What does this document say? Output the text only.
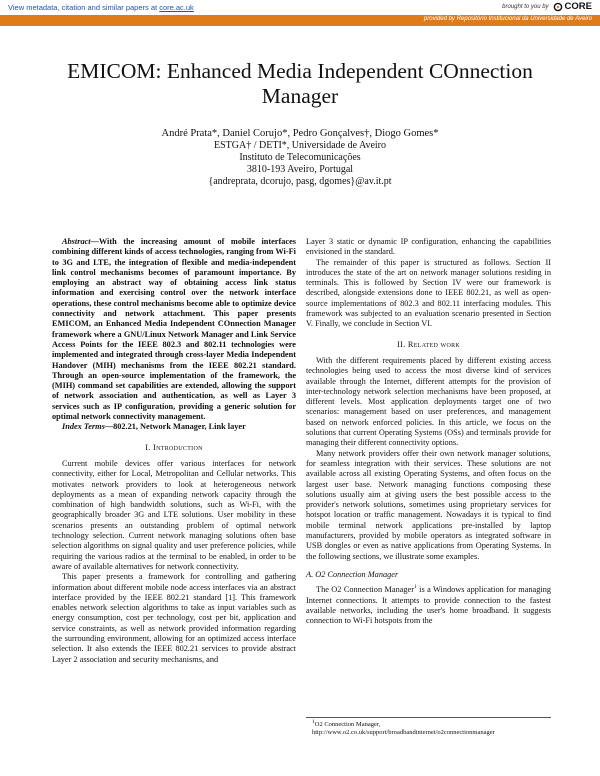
View metadata, citation and similar papers at core.ac.uk	brought to you by CORE
provided by Repositório Institucional da Universidade de Aveiro
EMICOM: Enhanced Media Independent COnnection Manager
André Prata*, Daniel Corujo*, Pedro Gonçalves†, Diogo Gomes*
ESTGA† / DETI*, Universidade de Aveiro
Instituto de Telecomunicações
3810-193 Aveiro, Portugal
{andreprata, dcorujo, pasg, dgomes}@av.it.pt

Abstract—With the increasing amount of mobile interfaces combining different kinds of access technologies, ranging from Wi-Fi to 3G and LTE, the integration of flexible and media-independent link control mechanisms becomes of paramount importance. By employing an abstract way of obtaining access link status information and exercising control over the network interface operations, these control mechanisms become able to optimize device connectivity and network attachment. This paper presents EMICOM, an Enhanced Media Independent COnnection Manager framework where a GNU/Linux Network Manager and Link Service Access Points for the IEEE 802.3 and 802.11 technologies were implemented and integrated through cross-layer Media Independent Handover (MIH) mechanisms from the IEEE 802.21 standard. Through an open-source implementation of the framework, the (MIH) command set capabilities are extended, allowing the support of network association and authentication, as well as Layer 3 services such as IP configuration, providing a generic solution for optimal network connectivity management.

Index Terms—802.21, Network Manager, Link layer

I. Introduction

Current mobile devices offer various interfaces for network connectivity, either for Local, Metropolitan and Cellular networks. This motivates network providers to look at heterogeneous network deployments as a mean of expanding network capacity through the combination of high bandwidth solutions, such as Wi-Fi, with the geographically broader 3G and LTE solutions. User mobility in these scenarios presents an outstanding problem of optimal network technology selection. Current network managing solutions often base selection algorithms on signal quality and user preference policies, while requiring the various radios at the terminal to be enabled, in order to be aware of available alternatives for network connectivity.

This paper presents a framework for controlling and gathering information about different mobile node access interfaces via an abstract interface provided by the IEEE 802.21 standard [1]. This framework enables network selection algorithms to take as input variables such as energy consumption, cost per technology, cost per bit, application and service constraints, as well as network provided information regarding the surrounding environment, allowing for an optimized access interface selection. It also extends the IEEE 802.21 services to provide abstract Layer 2 association and security mechanisms, and

Layer 3 static or dynamic IP configuration, enhancing the capabilities envisioned in the standard.

The remainder of this paper is structured as follows. Section II introduces the state of the art on network manager solutions residing in terminals. This is followed by Section IV were our framework is described, alongside extensions done to IEEE 802.21, as well as open-source implementations of 802.3 and 802.11 interfacing modules. This framework was subjected to an evaluation scenario presented in Section V. Finally, we conclude in Section VI.

II. Related work

With the different requirements placed by different existing access technologies being used to access the most diverse kind of services available through the Internet, different attempts for the provision of inter-technology network selection mechanisms have been proposed, at different levels. Most application deployments target one of two scenarios: management based on user preferences, and management based on network enforced policies. In this article, we focus on the solutions that current Operating Systems (OSs) and terminals provide for managing their different connectivity options.

Many network providers offer their own network manager solutions, for seamless integration with their services. These solutions are not available across all existing Operating Systems, and often focus on the largest user base. Network managing functions composing these solutions usually aim at giving users the best possible access to the provider's network solutions, sometimes using proprietary services for hotspot location or traffic management. Nowadays it is typical to find mobile terminal network applications pre-installed by laptop manufacturers, provided by mobile operators as integrated software in USB dongles or even as native applications from Operating Systems. In the following sections, we illustrate some examples.

A. O2 Connection Manager

The O2 Connection Manager$^1$ is a Windows application for managing Internet connections. It attempts to provide connection to the fastest available networks, including the user's home broadband. It suggests connection to Wi-Fi hotspots from the

$^1$O2 Connection Manager, http://www.o2.co.uk/support/broadbandinternet/o2connectionmanager
